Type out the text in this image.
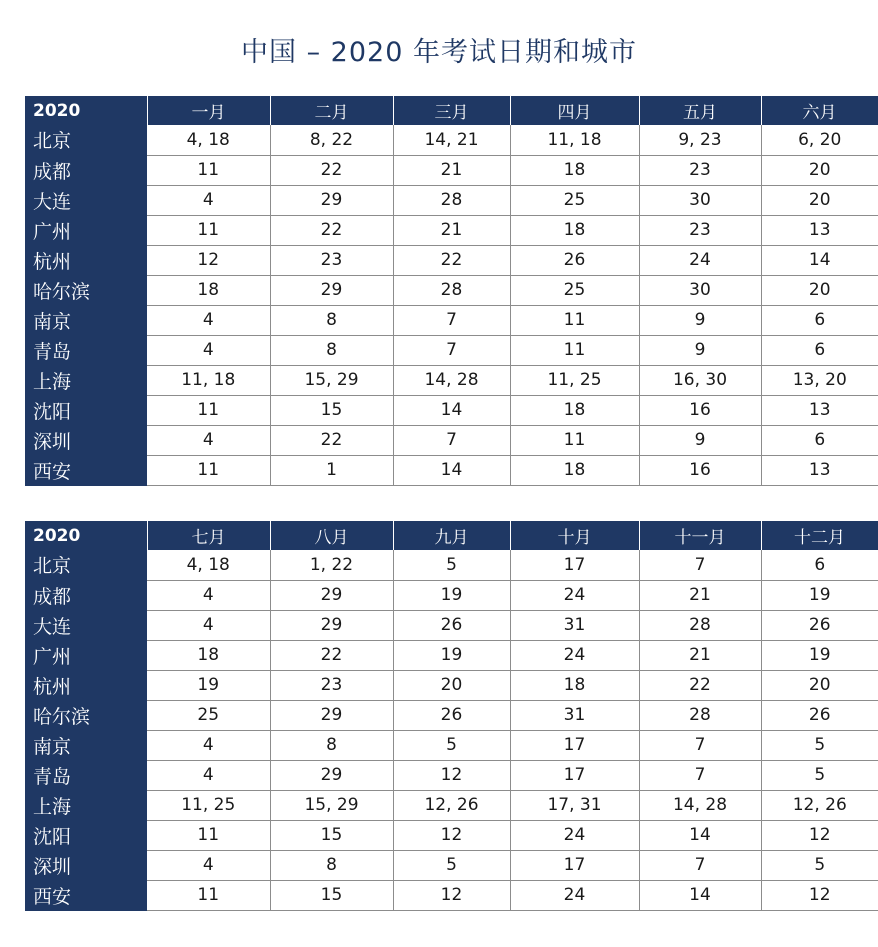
中国 – 2020 年考试日期和城市
2020	一月	二月	三月	四月	五月	六月
北京	4, 18	8, 22	14, 21	11, 18	9, 23	6, 20
成都	11	22	21	18	23	20
大连	4	29	28	25	30	20
广州	11	22	21	18	23	13
杭州	12	23	22	26	24	14
哈尔滨	18	29	28	25	30	20
南京	4	8	7	11	9	6
青岛	4	8	7	11	9	6
上海	11, 18	15, 29	14, 28	11, 25	16, 30	13, 20
沈阳	11	15	14	18	16	13
深圳	4	22	7	11	9	6
西安	11	1	14	18	16	13
2020	七月	八月	九月	十月	十一月	十二月
北京	4, 18	1, 22	5	17	7	6
成都	4	29	19	24	21	19
大连	4	29	26	31	28	26
广州	18	22	19	24	21	19
杭州	19	23	20	18	22	20
哈尔滨	25	29	26	31	28	26
南京	4	8	5	17	7	5
青岛	4	29	12	17	7	5
上海	11, 25	15, 29	12, 26	17, 31	14, 28	12, 26
沈阳	11	15	12	24	14	12
深圳	4	8	5	17	7	5
西安	11	15	12	24	14	12
